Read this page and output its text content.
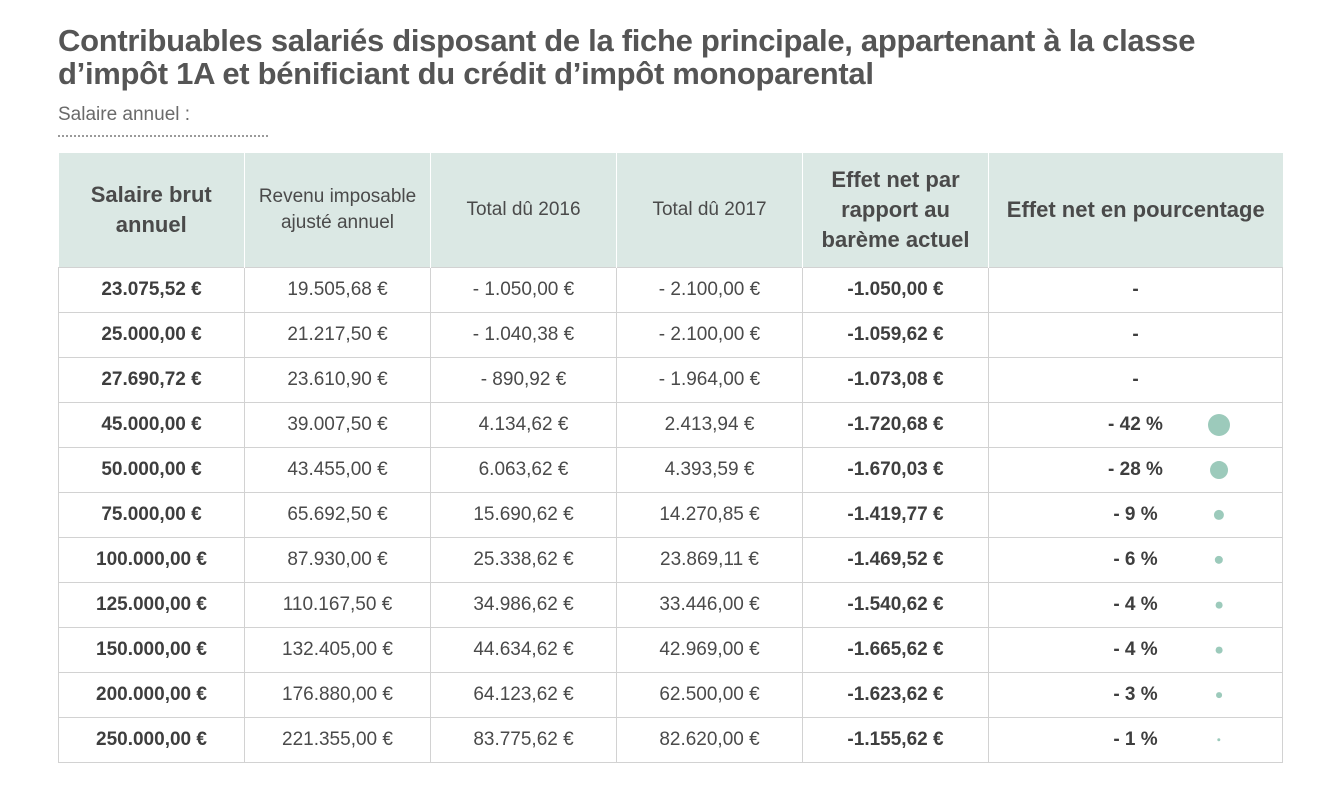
Contribuables salariés disposant de la fiche principale, appartenant à la classe d’impôt 1A et bénificiant du crédit d’impôt monoparental
Salaire annuel :
Salaire brut annuel	Revenu imposable ajusté annuel	Total dû 2016	Total dû 2017	Effet net par rapport au barème actuel	Effet net en pourcentage
23.075,52 €	19.505,68 €	- 1.050,00 €	- 2.100,00 €	-1.050,00 €	-
25.000,00 €	21.217,50 €	- 1.040,38 €	- 2.100,00 €	-1.059,62 €	-
27.690,72 €	23.610,90 €	- 890,92 €	- 1.964,00 €	-1.073,08 €	-
45.000,00 €	39.007,50 €	4.134,62 €	2.413,94 €	-1.720,68 €	- 42 %

50.000,00 €	43.455,00 €	6.063,62 €	4.393,59 €	-1.670,03 €	- 28 %

75.000,00 €	65.692,50 €	15.690,62 €	14.270,85 €	-1.419,77 €	- 9 %

100.000,00 €	87.930,00 €	25.338,62 €	23.869,11 €	-1.469,52 €	- 6 %

125.000,00 €	110.167,50 €	34.986,62 €	33.446,00 €	-1.540,62 €	- 4 %

150.000,00 €	132.405,00 €	44.634,62 €	42.969,00 €	-1.665,62 €	- 4 %

200.000,00 €	176.880,00 €	64.123,62 €	62.500,00 €	-1.623,62 €	- 3 %

250.000,00 €	221.355,00 €	83.775,62 €	82.620,00 €	-1.155,62 €	- 1 %
